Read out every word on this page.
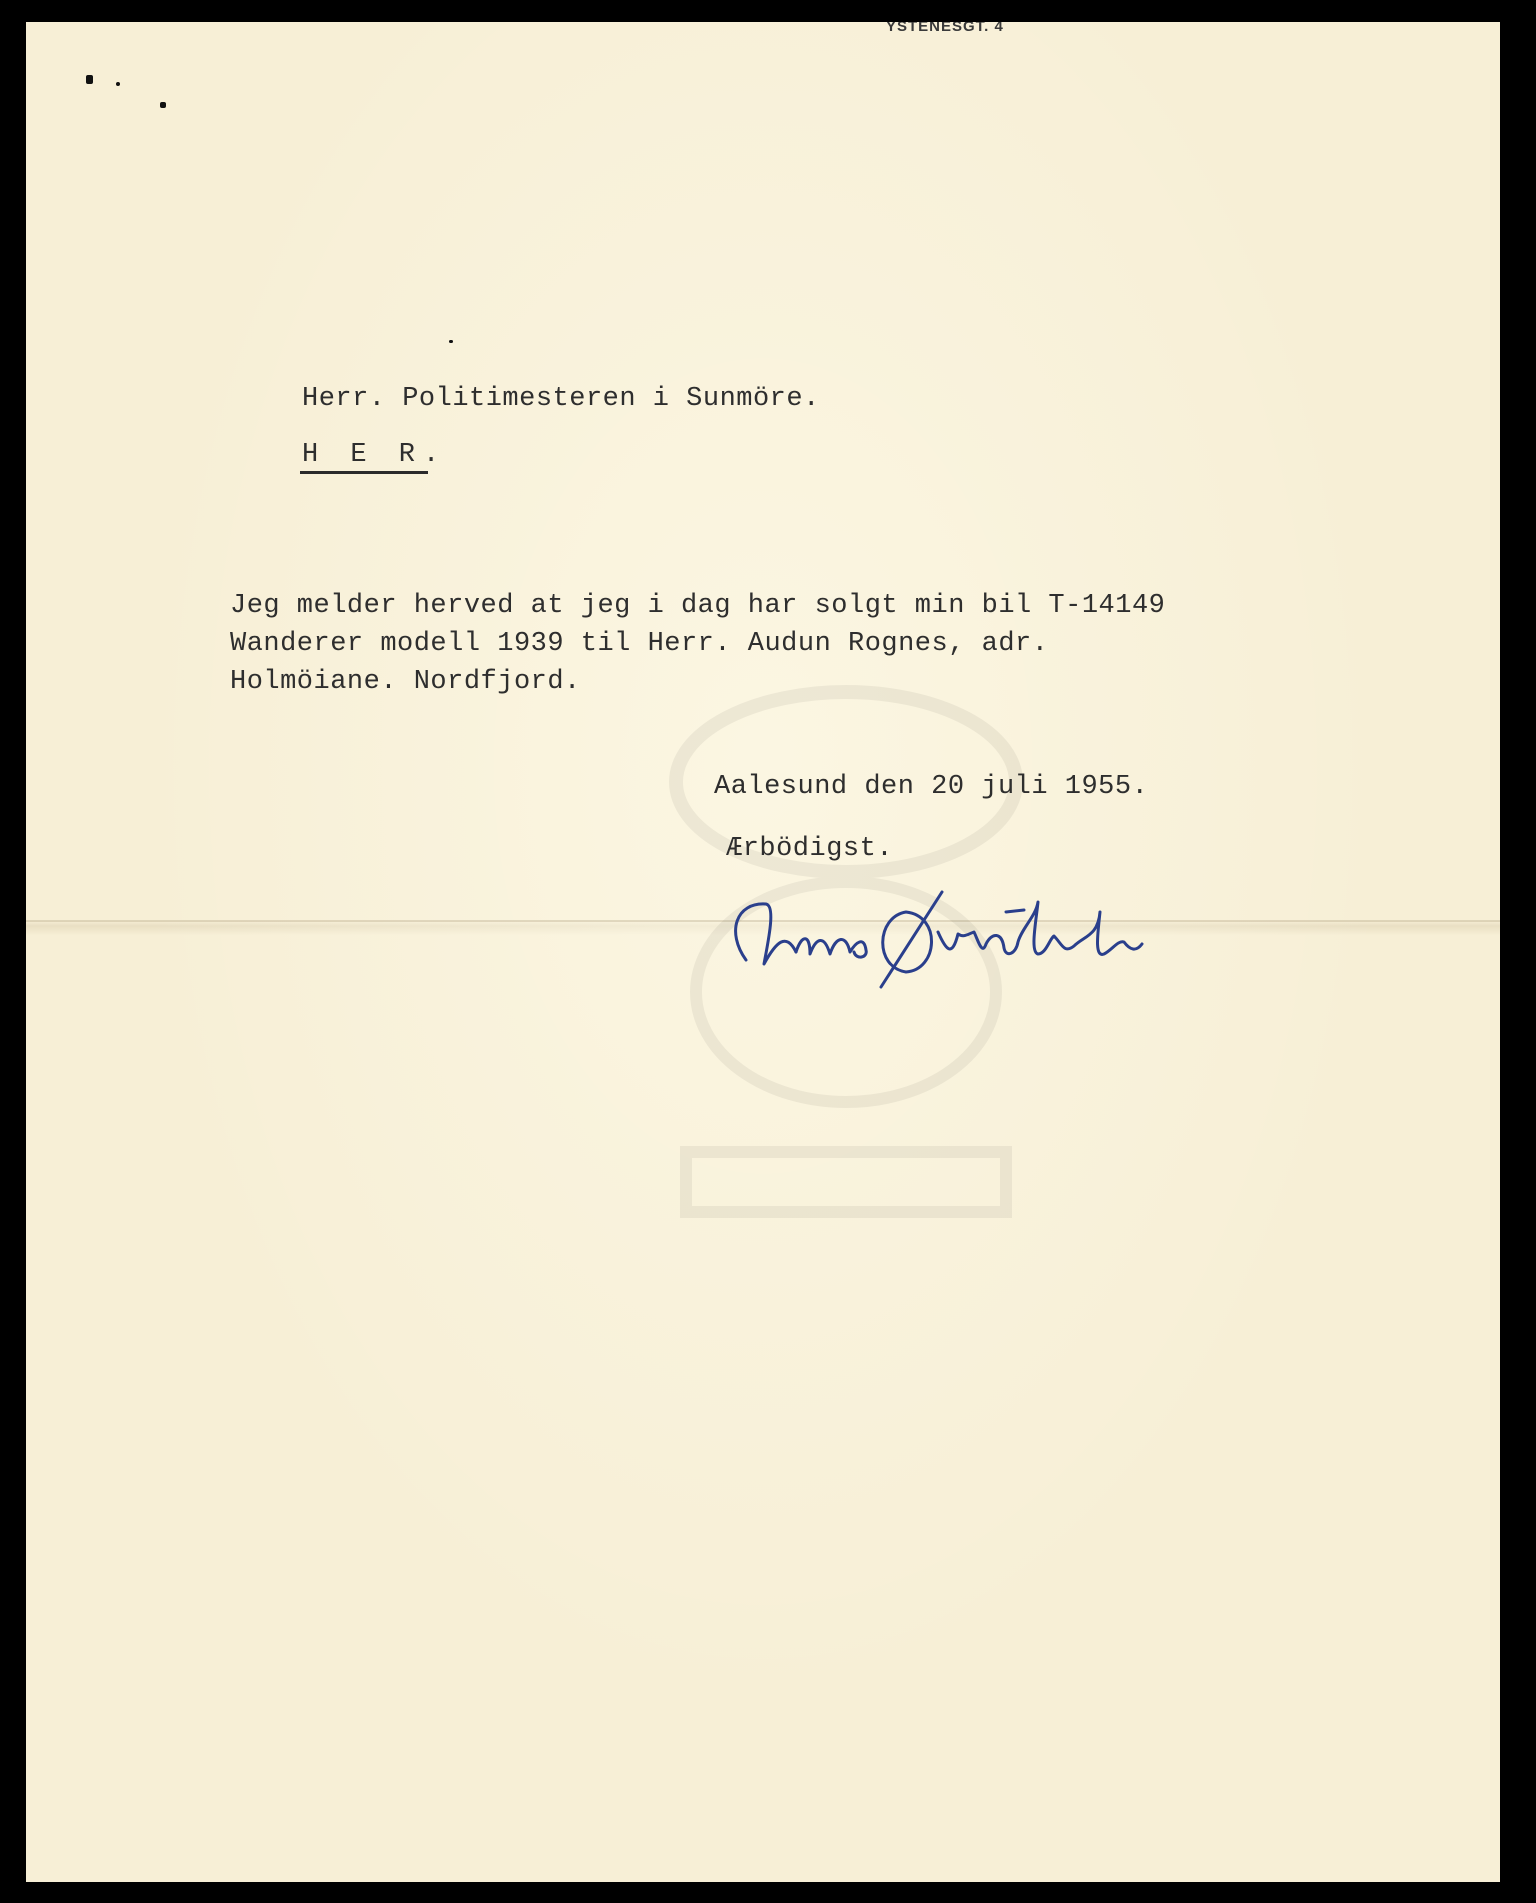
YSTENESGT. 4
Herr. Politimesteren i Sunmöre.
H E R.
Jeg melder herved at jeg i dag har solgt min bil T-14149
Wanderer modell 1939 til Herr. Audun Rognes, adr.
Holmöiane. Nordfjord.
Aalesund den 20 juli 1955.
Ærbödigst.
